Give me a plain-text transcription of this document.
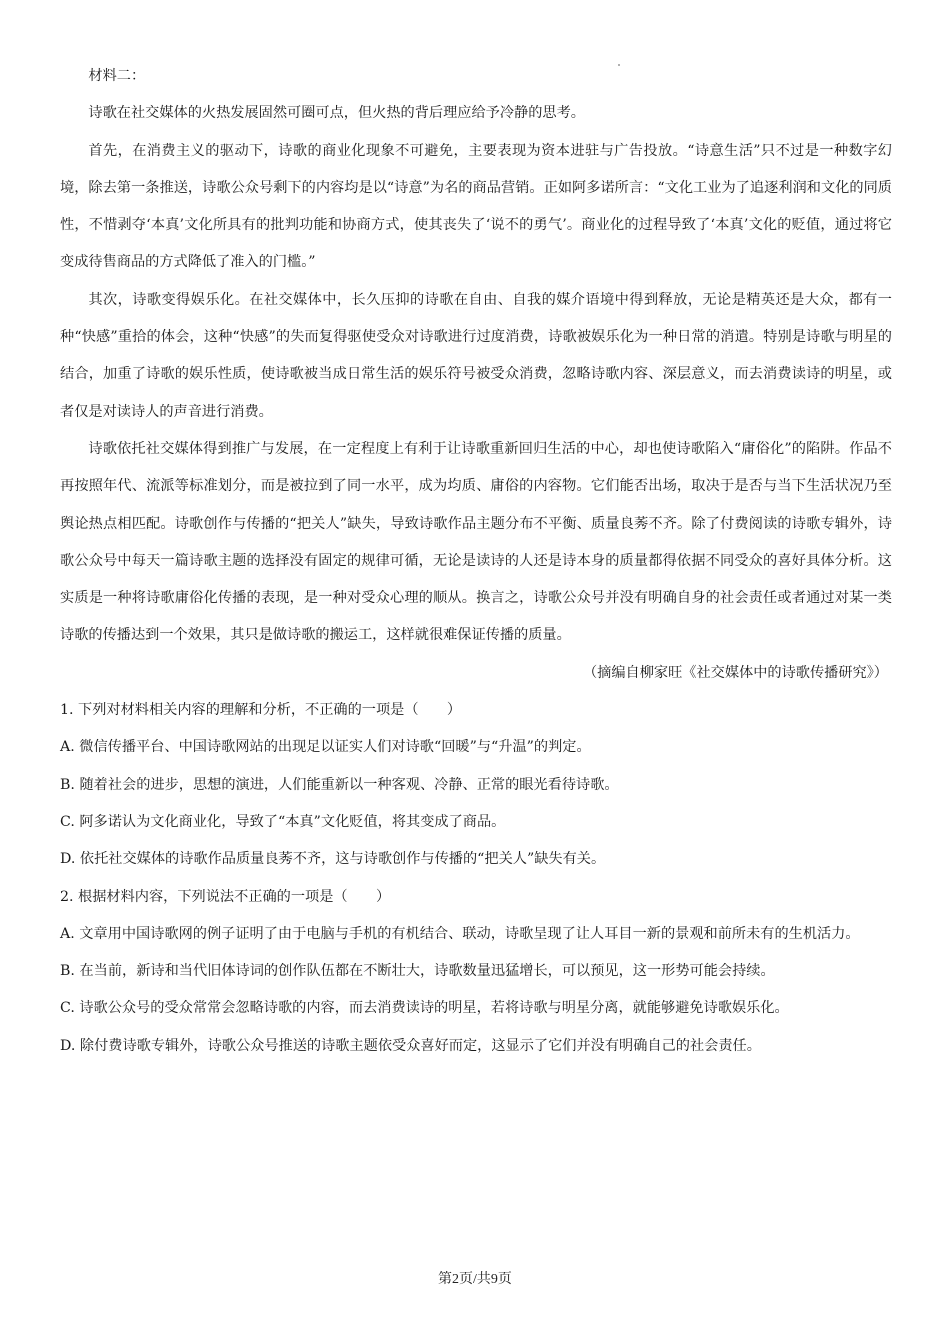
材料二：

诗歌在社交媒体的火热发展固然可圈可点，但火热的背后理应给予冷静的思考。

首先，在消费主义的驱动下，诗歌的商业化现象不可避免，主要表现为资本进驻与广告投放。“诗意生活”只不过是一种数字幻境，除去第一条推送，诗歌公众号剩下的内容均是以“诗意”为名的商品营销。正如阿多诺所言：“文化工业为了追逐利润和文化的同质性，不惜剥夺‘本真’文化所具有的批判功能和协商方式，使其丧失了‘说不的勇气’。商业化的过程导致了‘本真’文化的贬值，通过将它变成待售商品的方式降低了准入的门槛。”

其次，诗歌变得娱乐化。在社交媒体中，长久压抑的诗歌在自由、自我的媒介语境中得到释放，无论是精英还是大众，都有一种“快感”重拾的体会，这种“快感”的失而复得驱使受众对诗歌进行过度消费，诗歌被娱乐化为一种日常的消遣。特别是诗歌与明星的结合，加重了诗歌的娱乐性质，使诗歌被当成日常生活的娱乐符号被受众消费，忽略诗歌内容、深层意义，而去消费读诗的明星，或者仅是对读诗人的声音进行消费。

诗歌依托社交媒体得到推广与发展，在一定程度上有利于让诗歌重新回归生活的中心，却也使诗歌陷入“庸俗化”的陷阱。作品不再按照年代、流派等标准划分，而是被拉到了同一水平，成为均质、庸俗的内容物。它们能否出场，取决于是否与当下生活状况乃至舆论热点相匹配。诗歌创作与传播的“把关人”缺失，导致诗歌作品主题分布不平衡、质量良莠不齐。除了付费阅读的诗歌专辑外，诗歌公众号中每天一篇诗歌主题的选择没有固定的规律可循，无论是读诗的人还是诗本身的质量都得依据不同受众的喜好具体分析。这实质是一种将诗歌庸俗化传播的表现，是一种对受众心理的顺从。换言之，诗歌公众号并没有明确自身的社会责任或者通过对某一类诗歌的传播达到一个效果，其只是做诗歌的搬运工，这样就很难保证传播的质量。

（摘编自柳家旺《社交媒体中的诗歌传播研究》）

1. 下列对材料相关内容的理解和分析，不正确的一项是（　　）

A. 微信传播平台、中国诗歌网站的出现足以证实人们对诗歌“回暖”与“升温”的判定。

B. 随着社会的进步，思想的演进，人们能重新以一种客观、冷静、正常的眼光看待诗歌。

C. 阿多诺认为文化商业化，导致了“本真”文化贬值，将其变成了商品。

D. 依托社交媒体的诗歌作品质量良莠不齐，这与诗歌创作与传播的“把关人”缺失有关。

2. 根据材料内容，下列说法不正确的一项是（　　）

A. 文章用中国诗歌网的例子证明了由于电脑与手机的有机结合、联动，诗歌呈现了让人耳目一新的景观和前所未有的生机活力。

B. 在当前，新诗和当代旧体诗词的创作队伍都在不断壮大，诗歌数量迅猛增长，可以预见，这一形势可能会持续。

C. 诗歌公众号的受众常常会忽略诗歌的内容，而去消费读诗的明星，若将诗歌与明星分离，就能够避免诗歌娱乐化。

D. 除付费诗歌专辑外，诗歌公众号推送的诗歌主题依受众喜好而定，这显示了它们并没有明确自己的社会责任。

第2页/共9页
